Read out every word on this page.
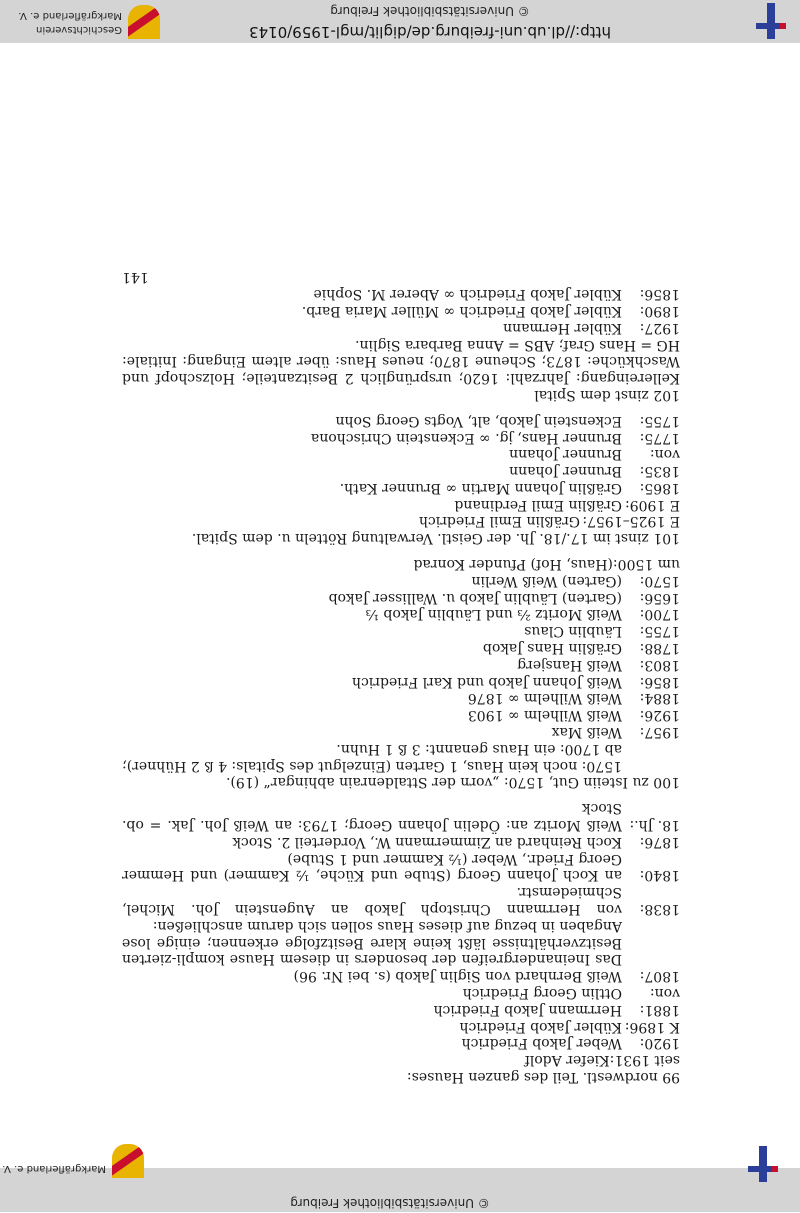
© Universitätsbibliothek Freiburg
Markgräflerland e. V.

99 nordwestl. Teil des ganzen Hauses:

seit 1931:
Kiefer Adolf
1920:
Weber Jakob Friedrich
K 1896:
Kübler Jakob Friedrich
1881:
Herrmann Jakob Friedrich
von:
Ottlin Georg Friedrich
1807:
Weiß Bernhard von Siglin Jakob (s. bei Nr. 96)

Das Ineinandergreifen der besonders in diesem Hause kompli-zierten Besitzverhältnisse läßt keine klare Besitzfolge erkennen; einige lose Angaben in bezug auf dieses Haus sollen sich darum anschließen:

1838:
von Herrmann Christoph Jakob an Augenstein Joh. Michel, Schmiedemstr.
1840:
an Koch Johann Georg (Stube und Küche, ½ Kammer) und Hemmer Georg Friedr., Weber (½ Kammer und 1 Stube)
1876:
Koch Reinhard an Zimmermann W., Vorderteil 2. Stock
18. Jh.:
Weiß Moritz an: Ödelin Johann Georg; 1793: an Weiß Joh. Jak. = ob. Stock

100 zu Isteiin Gut, 1570: „vorn der Sttaldenrain abhingar“ (19).

1570: noch kein Haus, 1 Garten (Einzelgut des Spitals: 4 ß 2 Hühner); ab 1700: ein Haus genannt: 3 ß 1 Huhn.

1957:
Weiß Max
1926:
Weiß Wilhelm ∞ 1903
1884:
Weiß Wilhelm ∞ 1876
1856:
Weiß Johann Jakob und Karl Friedrich
1803:
Weiß Hansjerg
1788:
Gräßlin Hans Jakob
1755:
Läublin Claus
1700:
Weiß Moritz ⅔ und Läublin Jakob ⅓
1656:
(Garten) Läublin Jakob u. Wallisser Jakob
1570:
(Garten) Weiß Werlin
um 1500:
(Haus, Hof) Pfunder Konrad

101 zinst im 17./18. Jh. der Geistl. Verwaltung Rötteln u. dem Spital.

E 1925–1957:
Gräßlin Emil Friedrich
E 1909:
Gräßlin Emil Ferdinand
1865:
Gräßlin Johann Martin ∞ Brunner Kath.
1835:
Brunner Johann
von:
Brunner Johann
1775:
Brunner Hans, jg. ∞ Eckenstein Chrischona
1755:
Eckenstein Jakob, alt, Vogts Georg Sohn

102 zinst dem Spital

Kellereingang: Jahrzahl: 1620; ursprünglich 2 Besitzanteile; Holzschopf und Waschküche: 1873; Scheune 1870; neues Haus: über altem Eingang: Initiale: HG = Hans Graf; ABS = Anna Barbara Siglin.

1927:
Kübler Hermann
1890:
Kübler Jakob Friedrich ∞ Müller Maria Barb.
1856:
Kübler Jakob Friedrich ∞ Aberer M. Sophie

141

http://dl.ub.uni-freiburg.de/diglit/mgl-1959/0143
© Universitätsbibliothek Freiburg
Geschichtsverein
Markgräflerland e. V.
